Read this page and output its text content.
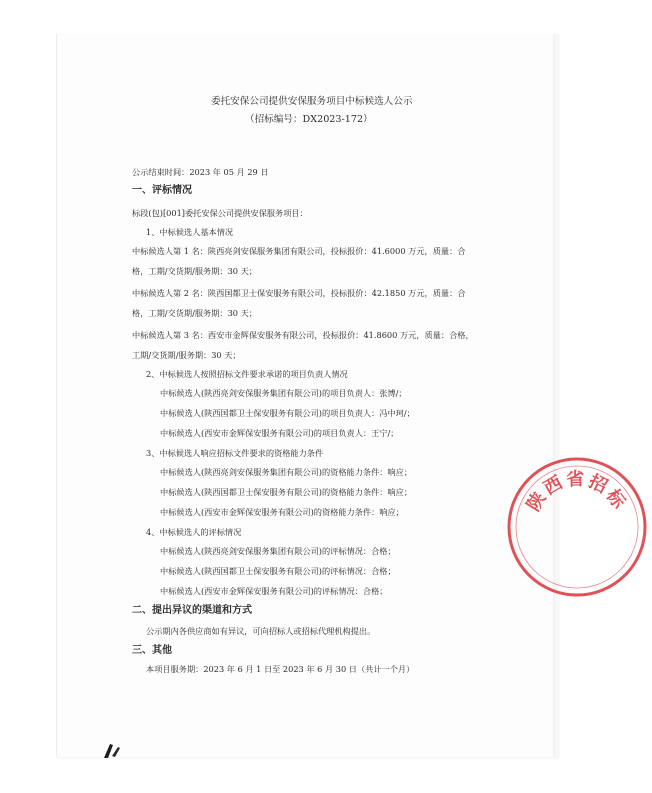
委托安保公司提供安保服务项目中标候选人公示
（招标编号：DX2023-172）
公示结束时间：2023 年 05 月 29 日
一、评标情况
标段(包)[001]委托安保公司提供安保服务项目：
1、中标候选人基本情况
中标候选人第 1 名：陕西亮剑安保服务集团有限公司，投标报价：41.6000 万元，质量：合
格，工期/交货期/服务期：30 天；
中标候选人第 2 名：陕西国都卫士保安服务有限公司，投标报价：42.1850 万元，质量：合
格，工期/交货期/服务期：30 天；
中标候选人第 3 名：西安市金辉保安服务有限公司，投标报价：41.8600 万元，质量：合格，
工期/交货期/服务期：30 天；
2、中标候选人按照招标文件要求承诺的项目负责人情况
中标候选人(陕西亮剑安保服务集团有限公司)的项目负责人：张博/；
中标候选人(陕西国都卫士保安服务有限公司)的项目负责人：冯中珂/；
中标候选人(西安市金辉保安服务有限公司)的项目负责人：王宁/；
3、中标候选人响应招标文件要求的资格能力条件
中标候选人(陕西亮剑安保服务集团有限公司)的资格能力条件：响应；
中标候选人(陕西国都卫士保安服务有限公司)的资格能力条件：响应；
中标候选人(西安市金辉保安服务有限公司)的资格能力条件：响应；
4、中标候选人的评标情况
中标候选人(陕西亮剑安保服务集团有限公司)的评标情况：合格；
中标候选人(陕西国都卫士保安服务有限公司)的评标情况：合格；
中标候选人(西安市金辉保安服务有限公司)的评标情况：合格；
二、提出异议的渠道和方式
公示期内各供应商如有异议，可向招标人或招标代理机构提出。
三、其他
本项目服务期：2023 年 6 月 1 日至 2023 年 6 月 30 日（共计一个月）
陕
西 省 招
标
